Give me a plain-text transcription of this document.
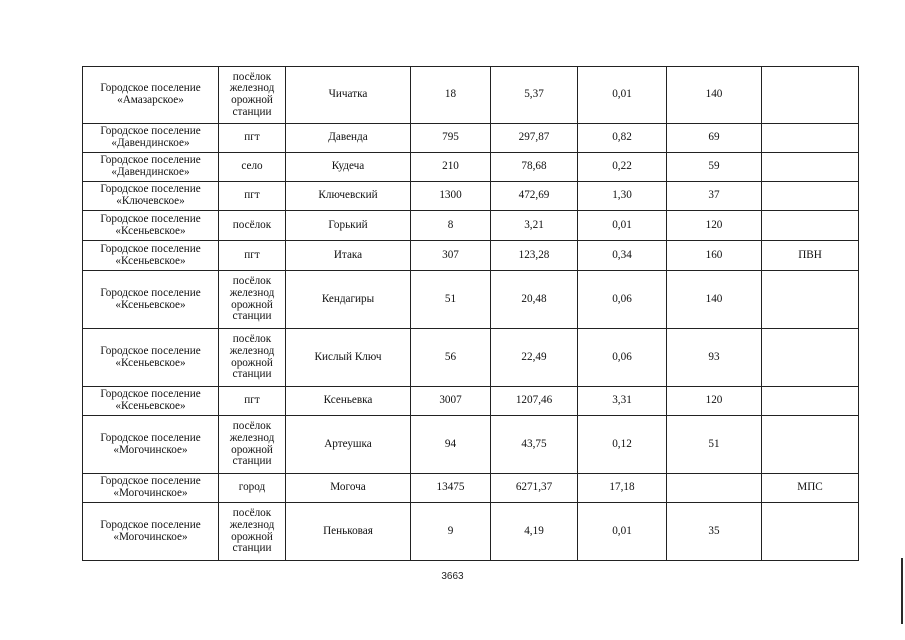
Городское поселение «Амазарское»	посёлок железнод орожной станции	Чичатка	18	5,37	0,01	140	
Городское поселение «Давендинское»	пгт	Давенда	795	297,87	0,82	69	
Городское поселение «Давендинское»	село	Кудеча	210	78,68	0,22	59	
Городское поселение «Ключевское»	пгт	Ключевский	1300	472,69	1,30	37	
Городское поселение «Ксеньевское»	посёлок	Горький	8	3,21	0,01	120	
Городское поселение «Ксеньевское»	пгт	Итака	307	123,28	0,34	160	ПВН
Городское поселение «Ксеньевское»	посёлок железнод орожной станции	Кендагиры	51	20,48	0,06	140	
Городское поселение «Ксеньевское»	посёлок железнод орожной станции	Кислый Ключ	56	22,49	0,06	93	
Городское поселение «Ксеньевское»	пгт	Ксеньевка	3007	1207,46	3,31	120	
Городское поселение «Могочинское»	посёлок железнод орожной станции	Артеушка	94	43,75	0,12	51	
Городское поселение «Могочинское»	город	Могоча	13475	6271,37	17,18		МПС
Городское поселение «Могочинское»	посёлок железнод орожной станции	Пеньковая	9	4,19	0,01	35	
3663
